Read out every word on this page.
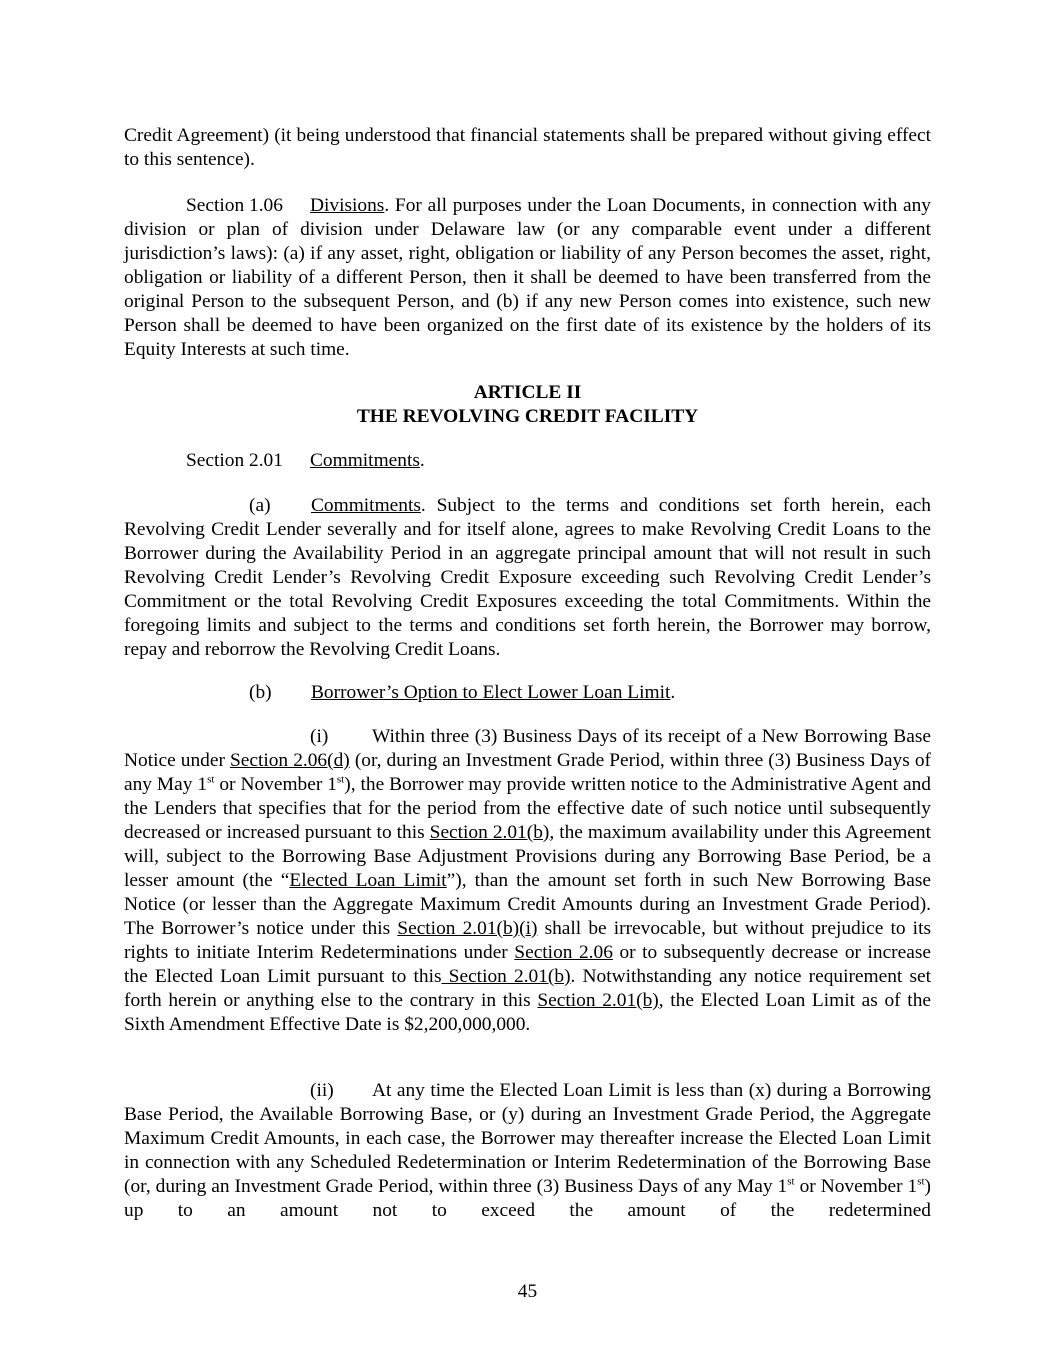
Credit Agreement) (it being understood that financial statements shall be prepared without giving effect to this sentence).

Section 1.06 Divisions. For all purposes under the Loan Documents, in connection with any division or plan of division under Delaware law (or any comparable event under a different jurisdiction’s laws): (a) if any asset, right, obligation or liability of any Person becomes the asset, right, obligation or liability of a different Person, then it shall be deemed to have been transferred from the original Person to the subsequent Person, and (b) if any new Person comes into existence, such new Person shall be deemed to have been organized on the first date of its existence by the holders of its Equity Interests at such time.

ARTICLE II
THE REVOLVING CREDIT FACILITY

Section 2.01 Commitments.

(a) Commitments. Subject to the terms and conditions set forth herein, each Revolving Credit Lender severally and for itself alone, agrees to make Revolving Credit Loans to the Borrower during the Availability Period in an aggregate principal amount that will not result in such Revolving Credit Lender’s Revolving Credit Exposure exceeding such Revolving Credit Lender’s Commitment or the total Revolving Credit Exposures exceeding the total Commitments. Within the foregoing limits and subject to the terms and conditions set forth herein, the Borrower may borrow, repay and reborrow the Revolving Credit Loans.

(b) Borrower’s Option to Elect Lower Loan Limit.

(i) Within three (3) Business Days of its receipt of a New Borrowing Base Notice under Section 2.06(d) (or, during an Investment Grade Period, within three (3) Business Days of any May 1st or November 1st), the Borrower may provide written notice to the Administrative Agent and the Lenders that specifies that for the period from the effective date of such notice until subsequently decreased or increased pursuant to this Section 2.01(b), the maximum availability under this Agreement will, subject to the Borrowing Base Adjustment Provisions during any Borrowing Base Period, be a lesser amount (the “Elected Loan Limit”), than the amount set forth in such New Borrowing Base Notice (or lesser than the Aggregate Maximum Credit Amounts during an Investment Grade Period). The Borrower’s notice under this Section 2.01(b)(i) shall be irrevocable, but without prejudice to its rights to initiate Interim Redeterminations under Section 2.06 or to subsequently decrease or increase the Elected Loan Limit pursuant to this Section 2.01(b). Notwithstanding any notice requirement set forth herein or anything else to the contrary in this Section 2.01(b), the Elected Loan Limit as of the Sixth Amendment Effective Date is $2,200,000,000.

(ii) At any time the Elected Loan Limit is less than (x) during a Borrowing Base Period, the Available Borrowing Base, or (y) during an Investment Grade Period, the Aggregate Maximum Credit Amounts, in each case, the Borrower may thereafter increase the Elected Loan Limit in connection with any Scheduled Redetermination or Interim Redetermination of the Borrowing Base (or, during an Investment Grade Period, within three (3) Business Days of any May 1st or November 1st) up to an amount not to exceed the amount of the redetermined

45
